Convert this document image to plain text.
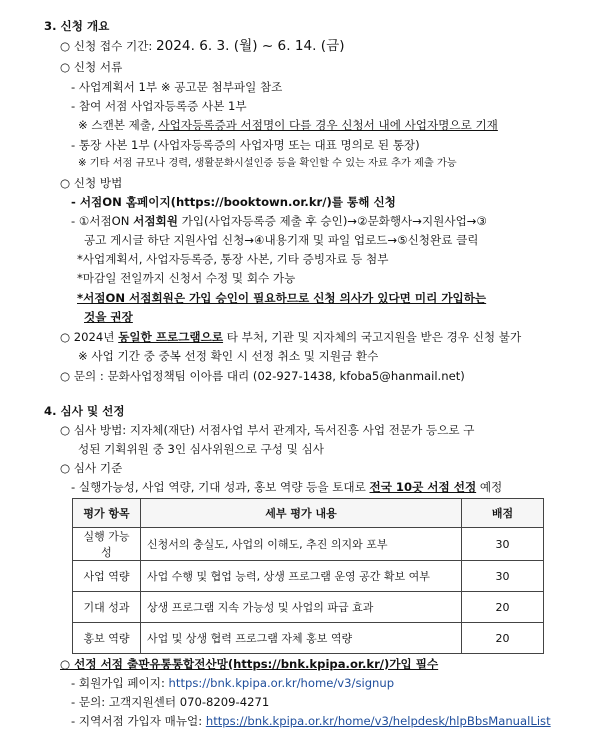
3. 신청 개요
○ 신청 접수 기간: 2024. 6. 3. (월) ~ 6. 14. (금)
○ 신청 서류
- 사업계획서 1부 ※ 공고문 첨부파일 참조
- 참여 서점 사업자등록증 사본 1부
※ 스캔본 제출, 사업자등록증과 서점명이 다를 경우 신청서 내에 사업자명으로 기재
- 통장 사본 1부 (사업자등록증의 사업자명 또는 대표 명의로 된 통장)
※ 기타 서점 규모나 경력, 생활문화시설인증 등을 확인할 수 있는 자료 추가 제출 가능
○ 신청 방법
- 서점ON 홈페이지(https://booktown.or.kr/)를 통해 신청
- ①서점ON 서점회원 가입(사업자등록증 제출 후 승인)→②문화행사→지원사업→③
공고 게시글 하단 지원사업 신청→④내용기재 및 파일 업로드→⑤신청완료 클릭
*사업계획서, 사업자등록증, 통장 사본, 기타 증빙자료 등 첨부
*마감일 전일까지 신청서 수정 및 회수 가능
*서점ON 서점회원은 가입 승인이 필요하므로 신청 의사가 있다면 미리 가입하는
것을 권장
○ 2024년 동일한 프로그램으로 타 부처, 기관 및 지자체의 국고지원을 받은 경우 신청 불가
※ 사업 기간 중 중복 선정 확인 시 선정 취소 및 지원금 환수
○ 문의 : 문화사업정책팀 이아름 대리 (02-927-1438, kfoba5@hanmail.net)
4. 심사 및 선정
○ 심사 방법: 지자체(재단) 서점사업 부서 관계자, 독서진흥 사업 전문가 등으로 구
성된 기획위원 중 3인 심사위원으로 구성 및 심사
○ 심사 기준
- 실행가능성, 사업 역량, 기대 성과, 홍보 역량 등을 토대로 전국 10곳 서점 선정 예정
평가 항목	세부 평가 내용	배점
실행 가능성	신청서의 충실도, 사업의 이해도, 추진 의지와 포부	30
사업 역량	사업 수행 및 협업 능력, 상생 프로그램 운영 공간 확보 여부	30
기대 성과	상생 프로그램 지속 가능성 및 사업의 파급 효과	20
홍보 역량	사업 및 상생 협력 프로그램 자체 홍보 역량	20
○ 선정 서점 출판유통통합전산망(https://bnk.kpipa.or.kr/)가입 필수
- 회원가입 페이지: https://bnk.kpipa.or.kr/home/v3/signup
- 문의: 고객지원센터 070-8209-4271
- 지역서점 가입자 매뉴얼: https://bnk.kpipa.or.kr/home/v3/helpdesk/hlpBbsManualList
